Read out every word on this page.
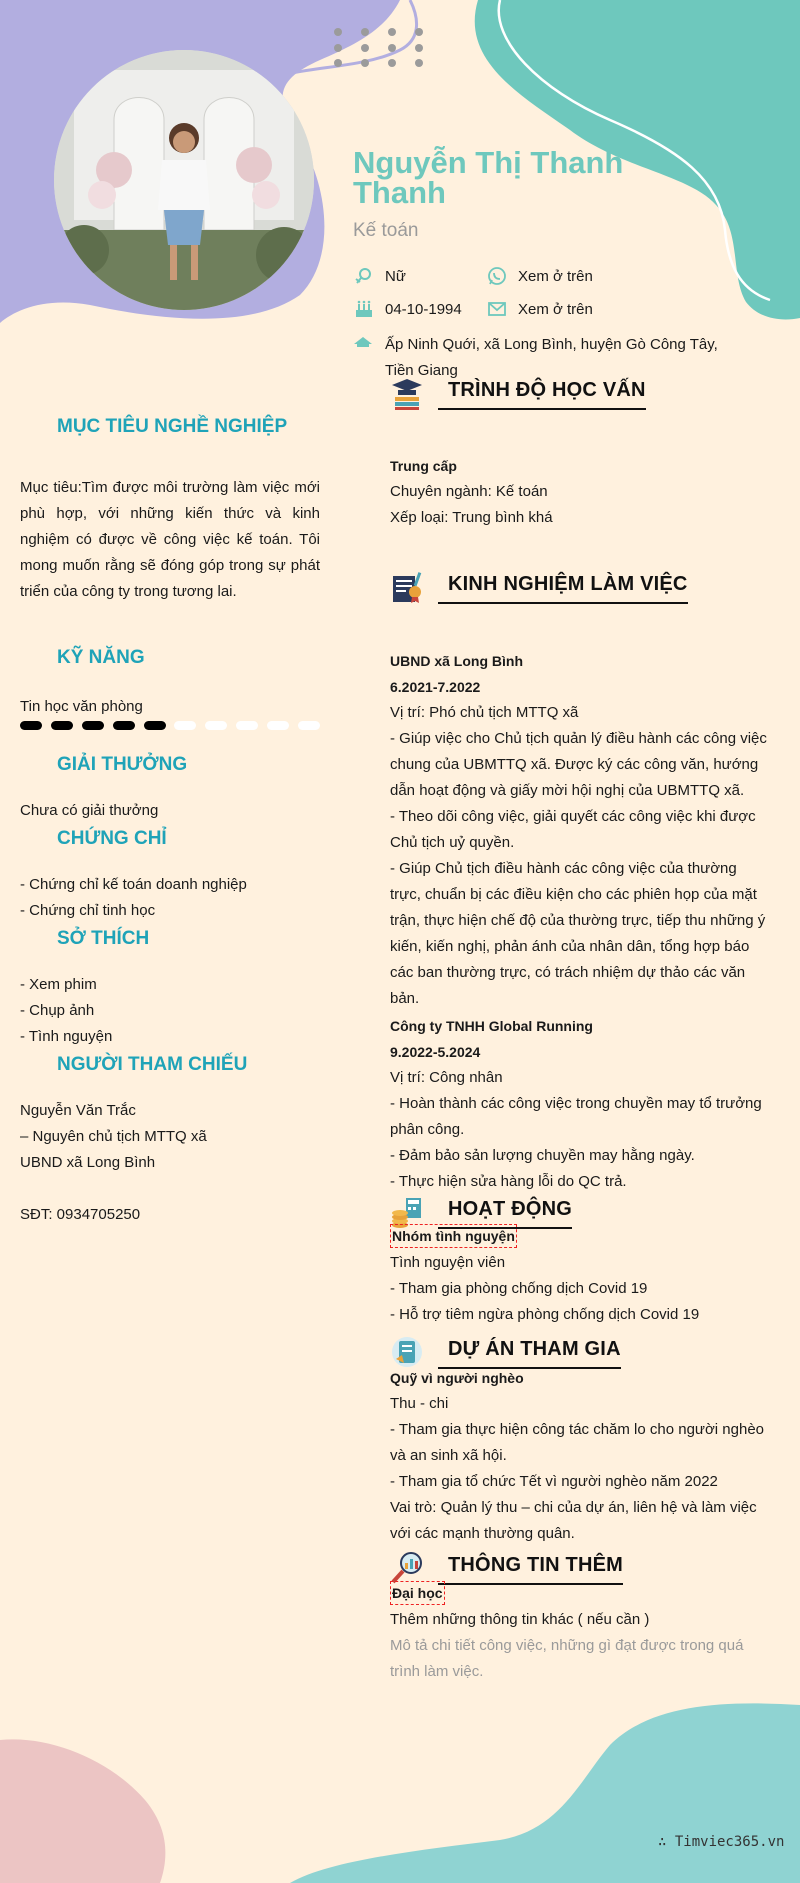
Nguyễn Thị Thanh Thanh
Kế toán
Nữ	Xem ở trên
04-10-1994	Xem ở trên
Ấp Ninh Quới, xã Long Bình, huyện Gò Công Tây, Tiền Giang
MỤC TIÊU NGHỀ NGHIỆP
Mục tiêu:Tìm được môi trường làm việc mới phù hợp, với những kiến thức và kinh nghiệm có được về công việc kế toán. Tôi mong muốn rằng sẽ đóng góp trong sự phát triển của công ty trong tương lai.
KỸ NĂNG
Tin học văn phòng
GIẢI THƯỞNG
Chưa có giải thưởng
CHỨNG CHỈ
- Chứng chỉ kế toán doanh nghiệp
- Chứng chỉ tinh học
SỞ THÍCH
- Xem phim
- Chụp ảnh
- Tình nguyện
NGƯỜI THAM CHIẾU
Nguyễn Văn Trắc
– Nguyên chủ tịch MTTQ xã
UBND xã Long Bình
SĐT: 0934705250
TRÌNH ĐỘ HỌC VẤN
Trung cấp
Chuyên ngành: Kế toán
Xếp loại: Trung bình khá
KINH NGHIỆM LÀM VIỆC
UBND xã Long Bình
6.2021-7.2022
Vị trí: Phó chủ tịch MTTQ xã
- Giúp việc cho Chủ tịch quản lý điều hành các công việc chung của UBMTTQ xã. Được ký các công văn, hướng dẫn hoạt động và giấy mời hội nghị của UBMTTQ xã.
- Theo dõi công việc, giải quyết các công việc khi được Chủ tịch uỷ quyền.
- Giúp Chủ tịch điều hành các công việc của thường trực, chuẩn bị các điều kiện cho các phiên họp của mặt trận, thực hiện chế độ của thường trực, tiếp thu những ý kiến, kiến nghị, phản ánh của nhân dân, tổng hợp báo các ban thường trực, có trách nhiệm dự thảo các văn bản.
Công ty TNHH Global Running
9.2022-5.2024
Vị trí: Công nhân
- Hoàn thành các công việc trong chuyền may tổ trưởng phân công.
- Đảm bảo sản lượng chuyền may hằng ngày.
- Thực hiện sửa hàng lỗi do QC trả.
HOẠT ĐỘNG
Nhóm tình nguyện
Tình nguyện viên
- Tham gia phòng chống dịch Covid 19
- Hỗ trợ tiêm ngừa phòng chống dịch Covid 19
DỰ ÁN THAM GIA
Quỹ vì người nghèo
Thu - chi
- Tham gia thực hiện công tác chăm lo cho người nghèo và an sinh xã hội.
- Tham gia tổ chức Tết vì người nghèo năm 2022
Vai trò: Quản lý thu – chi của dự án, liên hệ và làm việc với các mạnh thường quân.
THÔNG TIN THÊM
Đại học
Thêm những thông tin khác ( nếu cần )
Mô tả chi tiết công việc, những gì đạt được trong quá trình làm việc.
∴ Timviec365.vn
